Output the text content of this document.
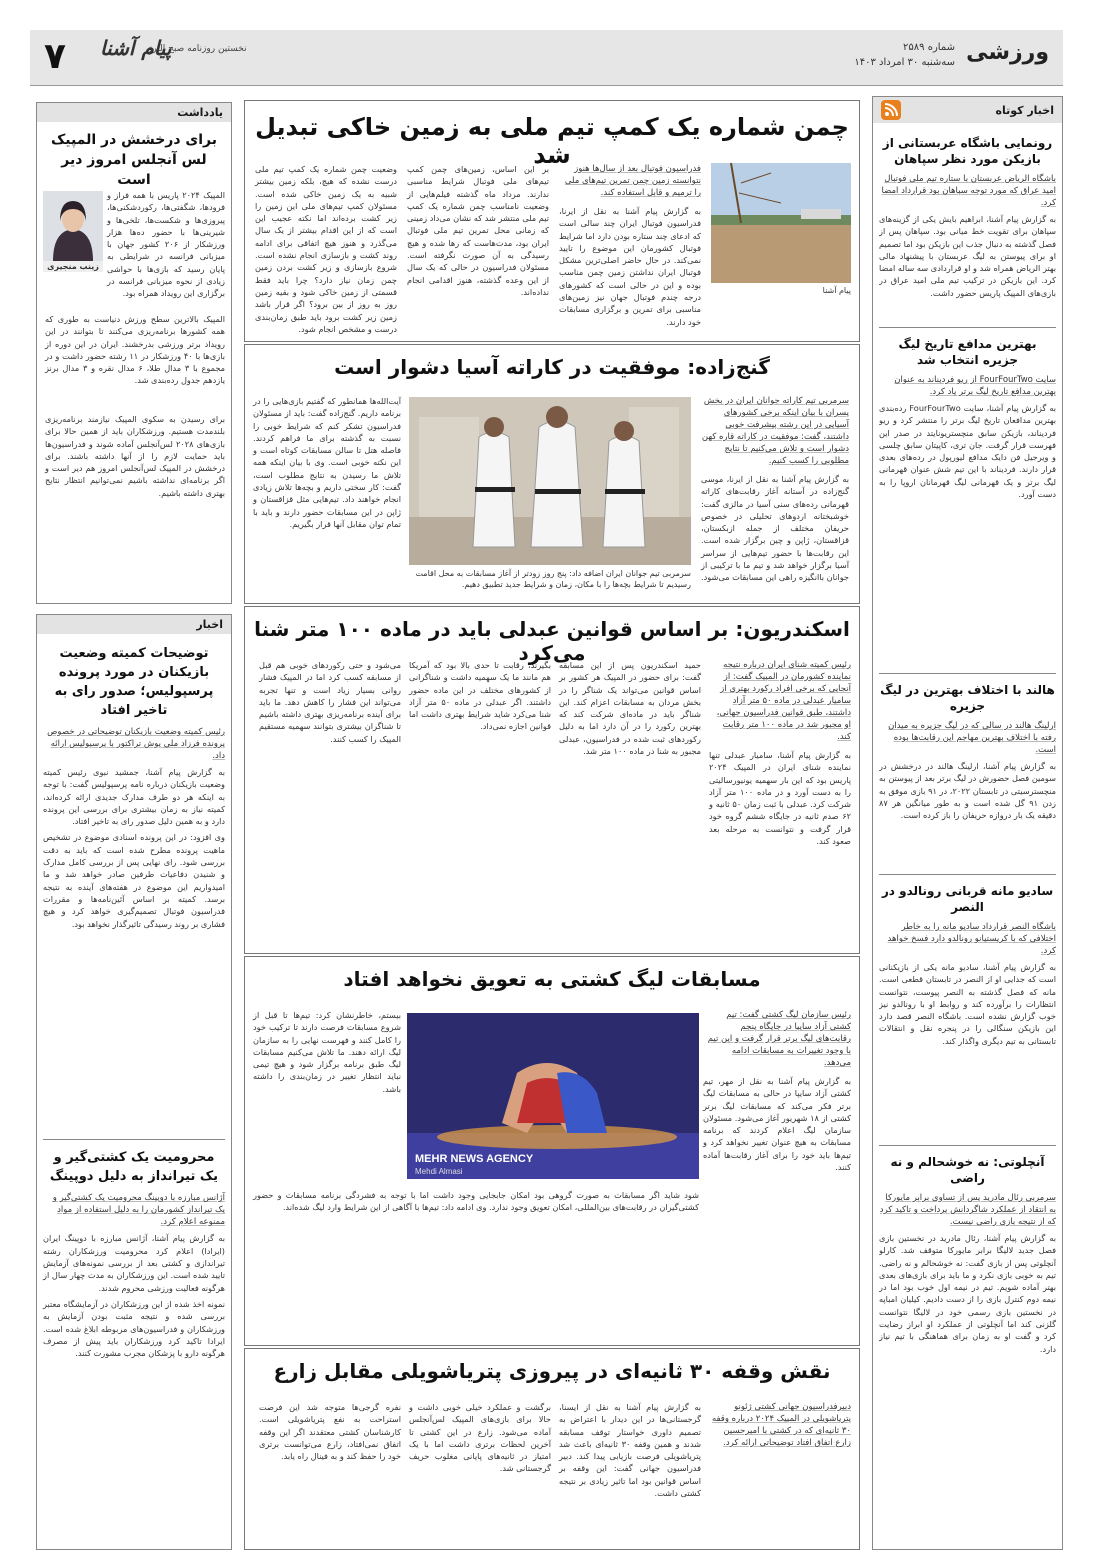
ورزشی
شماره ۲۵۸۹
سه‌شنبه ۳۰ امرداد ۱۴۰۳
نخستین روزنامه صبح البرز
پیام آشنا
۷
اخبار کوتاه
رونمایی باشگاه عربستانی از بازیکن مورد نظر سپاهان
باشگاه الریاض عربستان با ستاره تیم ملی فوتبال امید عراق که مورد توجه سپاهان بود قرارداد امضا کرد.
به گزارش پیام آشنا، ابراهیم بایش یکی از گزینه‌های سپاهان برای تقویت خط میانی بود. سپاهان پس از فصل گذشته به دنبال جذب این بازیکن بود اما تصمیم او برای پیوستن به لیگ عربستان با پیشنهاد مالی بهتر الریاض همراه شد و او قراردادی سه ساله امضا کرد. این بازیکن در ترکیب تیم ملی امید عراق در بازی‌های المپیک پاریس حضور داشت.
بهترین مدافع تاریخ لیگ جزیره انتخاب شد
سایت FourFourTwo از ریو فردیناند به عنوان بهترین مدافع تاریخ لیگ برتر یاد کرد.
به گزارش پیام آشنا، سایت FourFourTwo رده‌بندی بهترین مدافعان تاریخ لیگ برتر را منتشر کرد و ریو فردیناند، بازیکن سابق منچستریونایتد در صدر این فهرست قرار گرفت. جان تری، کاپیتان سابق چلسی و ویرجیل فن دایک مدافع لیورپول در رده‌های بعدی قرار دارند. فردیناند با این تیم شش عنوان قهرمانی لیگ برتر و یک قهرمانی لیگ قهرمانان اروپا را به دست آورد.
هالند با اختلاف بهترین در لیگ جزیره
ارلینگ هالند در سالی که در لیگ جزیره به میدان رفته با اختلاف بهترین مهاجم این رقابت‌ها بوده است.
به گزارش پیام آشنا، ارلینگ هالند در درخشش در سومین فصل حضورش در لیگ برتر بعد از پیوستن به منچسترسیتی در تابستان ۲۰۲۲، در ۹۱ بازی موفق به زدن ۹۱ گل شده است و به طور میانگین هر ۸۷ دقیقه یک بار دروازه حریفان را باز کرده است.
سادیو مانه قربانی رونالدو در النصر
باشگاه النصر قرارداد سادیو مانه را به خاطر اختلافی که با کریستیانو رونالدو دارد فسخ خواهد کرد.
به گزارش پیام آشنا، سادیو مانه یکی از بازیکنانی است که جدایی او از النصر در تابستان قطعی است. مانه که فصل گذشته به النصر پیوست، نتوانست انتظارات را برآورده کند و روابط او با رونالدو نیز خوب گزارش نشده است. باشگاه النصر قصد دارد این بازیکن سنگالی را در پنجره نقل و انتقالات تابستانی به تیم دیگری واگذار کند.
آنچلوتی: نه خوشحالم و نه راضی
سرمربی رئال مادرید پس از تساوی برابر مایورکا به انتقاد از عملکرد شاگردانش پرداخت و تاکید کرد که از نتیجه بازی راضی نیست.
به گزارش پیام آشنا، رئال مادرید در نخستین بازی فصل جدید لالیگا برابر مایورکا متوقف شد. کارلو آنچلوتی پس از بازی گفت: نه خوشحالم و نه راضی. تیم به خوبی بازی نکرد و ما باید برای بازی‌های بعدی بهتر آماده شویم. تیم در نیمه اول خوب بود اما در نیمه دوم کنترل بازی را از دست دادیم. کیلیان امباپه در نخستین بازی رسمی خود در لالیگا نتوانست گلزنی کند اما آنچلوتی از عملکرد او ابراز رضایت کرد و گفت او به زمان برای هماهنگی با تیم نیاز دارد.
چمن شماره یک کمپ تیم ملی به زمین خاکی تبدیل شد
پیام آشنا
فدراسیون فوتبال بعد از سال‌ها هنوز نتوانسته زمین چمن تمرین تیم‌های ملی را ترمیم و قابل استفاده کند.
به گزارش پیام آشنا به نقل از ایرنا، فدراسیون فوتبال ایران چند سالی است که ادعای چند ستاره بودن دارد اما شرایط فوتبال کشورمان این موضوع را تایید نمی‌کند. در حال حاضر اصلی‌ترین مشکل فوتبال ایران نداشتن زمین چمن مناسب بوده و این در حالی است که کشورهای درجه چندم فوتبال جهان نیز زمین‌های مناسبی برای تمرین و برگزاری مسابقات خود دارند.
بر این اساس، زمین‌های چمن کمپ تیم‌های ملی فوتبال شرایط مناسبی ندارند. مرداد ماه گذشته فیلم‌هایی از وضعیت نامناسب چمن شماره یک کمپ تیم ملی منتشر شد که نشان می‌داد زمینی که زمانی محل تمرین تیم ملی فوتبال ایران بود، مدت‌هاست که رها شده و هیچ رسیدگی به آن صورت نگرفته است. مسئولان فدراسیون در حالی که یک سال از این وعده گذشته، هنوز اقدامی انجام نداده‌اند.
وضعیت چمن شماره یک کمپ تیم ملی درست نشده که هیچ، بلکه زمین بیشتر شبیه به یک زمین خاکی شده است. مسئولان کمپ تیم‌های ملی این زمین را زیر کشت برده‌اند اما نکته عجیب این است که از این اقدام بیشتر از یک سال می‌گذرد و هنوز هیچ اتفاقی برای ادامه روند کشت و بازسازی انجام نشده است. شروع بازسازی و زیر کشت بردن زمین چمن زمان نیاز دارد؟ چرا باید فقط قسمتی از زمین خاکی شود و بقیه زمین روز به روز از بین برود؟ اگر قرار باشد زمین زیر کشت برود باید طبق زمان‌بندی درست و مشخص انجام شود.
گنج‌زاده: موفقیت در کاراته آسیا دشوار است
سرمربی تیم کاراته جوانان ایران در بخش پسران با بیان اینکه برخی کشورهای آسیایی در این رشته پیشرفت خوبی داشتند، گفت: موفقیت در کاراته قاره کهن دشوار است و تلاش می‌کنیم تا نتایج مطلوبی را کسب کنیم.
به گزارش پیام آشنا به نقل از ایرنا، موسی گنج‌زاده در آستانه آغاز رقابت‌های کاراته قهرمانی رده‌های سنی آسیا در مالزی گفت: خوشبختانه اردوهای تحلیلی در خصوص حریفان مختلف از جمله ازبکستان، قزاقستان، ژاپن و چین برگزار شده است. این رقابت‌ها با حضور تیم‌هایی از سراسر آسیا برگزار خواهد شد و تیم ما با ترکیبی از جوانان باانگیزه راهی این مسابقات می‌شود.
سرمربی تیم جوانان ایران اضافه داد: پنج روز زودتر از آغاز مسابقات به محل اقامت رسیدیم تا شرایط بچه‌ها را با مکان، زمان و شرایط جدید تطبیق دهیم.
آیت‌الله‌ها همانطور که گفتیم بازی‌هایی را در برنامه داریم. گنج‌زاده گفت: باید از مسئولان فدراسیون تشکر کنم که شرایط خوبی را نسبت به گذشته برای ما فراهم کردند. فاصله هتل تا سالن مسابقات کوتاه است و این نکته خوبی است. وی با بیان اینکه همه تلاش ما رسیدن به نتایج مطلوب است، گفت: کار سختی داریم و بچه‌ها تلاش زیادی انجام خواهند داد. تیم‌هایی مثل قزاقستان و ژاپن در این مسابقات حضور دارند و باید با تمام توان مقابل آنها قرار بگیریم.
اسکندریون: بر اساس قوانین عبدلی باید در ماده ۱۰۰ متر شنا می‌کرد	رئیس کمیته شنای ایران درباره نتیجه نماینده کشورمان در المپیک گفت: از آنجایی که برخی افراد رکورد بهتری از سامیار عبدلی در ماده ۵۰ متر آزاد داشتند، طبق قوانین فدراسیون جهانی، او مجبور شد در ماده ۱۰۰ متر رقابت کند.
به گزارش پیام آشنا، سامیار عبدلی تنها نماینده شنای ایران در المپیک ۲۰۲۴ پاریس بود که این بار سهمیه یونیورسالیتی را به دست آورد و در ماده ۱۰۰ متر آزاد شرکت کرد. عبدلی با ثبت زمان ۵۰ ثانیه و ۶۲ صدم ثانیه در جایگاه ششم گروه خود قرار گرفت و نتوانست به مرحله بعد صعود کند.
حمید اسکندریون پس از این مسابقه گفت: برای حضور در المپیک هر کشور بر اساس قوانین می‌تواند یک شناگر را در بخش مردان به مسابقات اعزام کند. این شناگر باید در ماده‌ای شرکت کند که بهترین رکورد را در آن دارد اما به دلیل رکوردهای ثبت شده در فدراسیون، عبدلی مجبور به شنا در ماده ۱۰۰ متر شد.
بگیرند، رقابت تا حدی بالا بود که آمریکا هم مانند ما یک سهمیه داشت و شناگرانی از کشورهای مختلف در این ماده حضور داشتند. اگر عبدلی در ماده ۵۰ متر آزاد شنا می‌کرد شاید شرایط بهتری داشت اما قوانین اجازه نمی‌داد.
می‌شود و حتی رکوردهای خوبی هم قبل از مسابقه کسب کرد اما در المپیک فشار روانی بسیار زیاد است و تنها تجربه می‌تواند این فشار را کاهش دهد. ما باید برای آینده برنامه‌ریزی بهتری داشته باشیم تا شناگران بیشتری بتوانند سهمیه مستقیم المپیک را کسب کنند.
مسابقات لیگ کشتی به تعویق نخواهد افتاد
رئیس سازمان لیگ کشتی گفت: تیم کشتی آزاد سایپا در جایگاه پنجم رقابت‌های لیگ برتر قرار گرفت و این تیم با وجود تغییرات به مسابقات ادامه می‌دهد.
به گزارش پیام آشنا به نقل از مهر، تیم کشتی آزاد سایپا در حالی به مسابقات لیگ برتر فکر می‌کند که مسابقات لیگ برتر کشتی از ۱۸ شهریور آغاز می‌شود. مسئولان سازمان لیگ اعلام کردند که برنامه مسابقات به هیچ عنوان تغییر نخواهد کرد و تیم‌ها باید خود را برای آغاز رقابت‌ها آماده کنند.
MEHR NEWS AGENCY
Mehdi Almasi
بیستم، خاطرنشان کرد: تیم‌ها تا قبل از شروع مسابقات فرصت دارند تا ترکیب خود را کامل کنند و فهرست نهایی را به سازمان لیگ ارائه دهند. ما تلاش می‌کنیم مسابقات لیگ طبق برنامه برگزار شود و هیچ تیمی نباید انتظار تغییر در زمان‌بندی را داشته باشد.
شود شاید اگر مسابقات به صورت گروهی بود امکان جابجایی وجود داشت اما با توجه به فشردگی برنامه مسابقات و حضور کشتی‌گیران در رقابت‌های بین‌المللی، امکان تعویق وجود ندارد. وی ادامه داد: تیم‌ها با آگاهی از این شرایط وارد لیگ شده‌اند.
نقش وقفه ۳۰ ثانیه‌ای در پیروزی پتریاشویلی مقابل زارع
دبیرفدراسیون جهانی کشتی ژئونو پتریاشویلی در المپیک ۲۰۲۴ درباره وقفه ۳۰ ثانیه‌ای که در کشتی با امیرحسین زارع اتفاق افتاد توضیحاتی ارائه کرد.
به گزارش پیام آشنا به نقل از ایسنا، گرجستانی‌ها در این دیدار با اعتراض به تصمیم داوری خواستار توقف مسابقه شدند و همین وقفه ۳۰ ثانیه‌ای باعث شد پتریاشویلی فرصت بازیابی پیدا کند. دبیر فدراسیون جهانی گفت: این وقفه بر اساس قوانین بود اما تاثیر زیادی بر نتیجه کشتی داشت.
برگشت و عملکرد خیلی خوبی داشت و حالا برای بازی‌های المپیک لس‌آنجلس آماده می‌شود. زارع در این کشتی تا آخرین لحظات برتری داشت اما با یک امتیاز در ثانیه‌های پایانی مغلوب حریف گرجستانی شد.
نفره گرجی‌ها متوجه شد این فرصت استراحت به نفع پتریاشویلی است. کارشناسان کشتی معتقدند اگر این وقفه اتفاق نمی‌افتاد، زارع می‌توانست برتری خود را حفظ کند و به فینال راه یابد.
یادداشت
برای درخشش در المپیک لس آنجلس امروز دیر است
زینب منجیری
المپیک ۲۰۲۴ پاریس با همه فراز و فرودها، شگفتی‌ها، رکوردشکنی‌ها، پیروزی‌ها و شکست‌ها، تلخی‌ها و شیرینی‌ها با حضور ده‌ها هزار ورزشکار از ۲۰۶ کشور جهان با میزبانی فرانسه در شرایطی به پایان رسید که بازی‌ها با حواشی زیادی از نحوه میزبانی فرانسه در برگزاری این رویداد همراه بود.
المپیک بالاترین سطح ورزش دنیاست به طوری که همه کشورها برنامه‌ریزی می‌کنند تا بتوانند در این رویداد برتر ورزشی بدرخشند. ایران در این دوره از بازی‌ها با ۴۰ ورزشکار در ۱۱ رشته حضور داشت و در مجموع با ۳ مدال طلا، ۶ مدال نقره و ۳ مدال برنز یازدهم جدول رده‌بندی شد.
برای رسیدن به سکوی المپیک نیازمند برنامه‌ریزی بلندمدت هستیم. ورزشکاران باید از همین حالا برای بازی‌های ۲۰۲۸ لس‌آنجلس آماده شوند و فدراسیون‌ها باید حمایت لازم را از آنها داشته باشند. برای درخشش در المپیک لس‌آنجلس امروز هم دیر است و اگر برنامه‌ای نداشته باشیم نمی‌توانیم انتظار نتایج بهتری داشته باشیم.
اخبار
توضیحات کمیته وضعیت بازیکنان در مورد پرونده پرسپولیس؛ صدور رای به تاخیر افتاد
رئیس کمیته وضعیت بازیکنان توضیحاتی در خصوص پرونده فرزاد ملی پوش تراکتور با پرسپولیس ارائه داد.
به گزارش پیام آشنا، جمشید نبوی رئیس کمیته وضعیت بازیکنان درباره نامه پرسپولیس گفت: با توجه به اینکه هر دو طرف مدارک جدیدی ارائه کرده‌اند، کمیته نیاز به زمان بیشتری برای بررسی این پرونده دارد و به همین دلیل صدور رای به تاخیر افتاد.
وی افزود: در این پرونده اسنادی موضوع در تشخیص ماهیت پرونده مطرح شده است که باید به دقت بررسی شود. رای نهایی پس از بررسی کامل مدارک و شنیدن دفاعیات طرفین صادر خواهد شد و ما امیدواریم این موضوع در هفته‌های آینده به نتیجه برسد. کمیته بر اساس آئین‌نامه‌ها و مقررات فدراسیون فوتبال تصمیم‌گیری خواهد کرد و هیچ فشاری بر روند رسیدگی تاثیرگذار نخواهد بود.
محرومیت یک کشتی‌گیر و یک تیرانداز به دلیل دوپینگ
آژانس مبارزه با دوپینگ محرومیت یک کشتی‌گیر و یک تیرانداز کشورمان را به دلیل استفاده از مواد ممنوعه اعلام کرد.
به گزارش پیام آشنا، آژانس مبارزه با دوپینگ ایران (ایرادا) اعلام کرد محرومیت ورزشکاران رشته تیراندازی و کشتی بعد از بررسی نمونه‌های آزمایش تایید شده است. این ورزشکاران به مدت چهار سال از هرگونه فعالیت ورزشی محروم شدند.
نمونه اخذ شده از این ورزشکاران در آزمایشگاه معتبر بررسی شده و نتیجه مثبت بودن آزمایش به ورزشکاران و فدراسیون‌های مربوطه ابلاغ شده است. ایرادا تاکید کرد ورزشکاران باید پیش از مصرف هرگونه دارو با پزشکان مجرب مشورت کنند.
